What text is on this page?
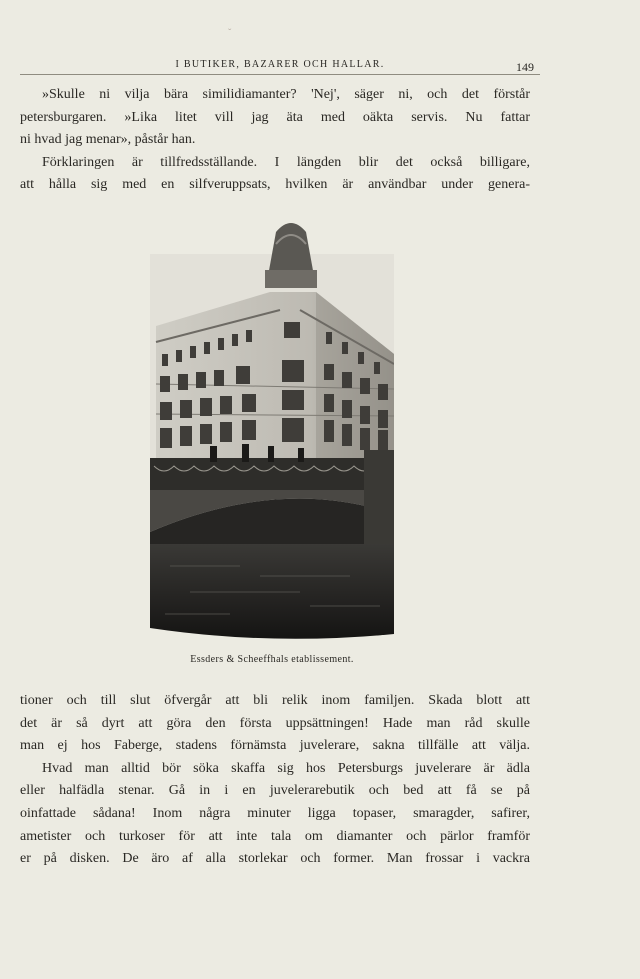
ˇ
I BUTIKER, BAZARER OCH HALLAR.	149
»Skulle ni vilja bära similidiamanter? 'Nej', säger ni, och det förstår
petersburgaren. »Lika litet vill jag äta med oäkta servis. Nu fattar
ni hvad jag menar», påstår han.
Förklaringen är tillfredsställande. I längden blir det också billigare,
att hålla sig med en silfveruppsats, hvilken är användbar under genera-
Essders & Scheeffhals etablissement.
tioner och till slut öfvergår att bli relik inom familjen. Skada blott att
det är så dyrt att göra den första uppsättningen! Hade man råd skulle
man ej hos Faberge, stadens förnämsta juvelerare, sakna tillfälle att välja.
Hvad man alltid bör söka skaffa sig hos Petersburgs juvelerare är ädla
eller halfädla stenar. Gå in i en juvelerarebutik och bed att få se på
oinfattade sådana! Inom några minuter ligga topaser, smaragder, safirer,
ametister och turkoser för att inte tala om diamanter och pärlor framför
er på disken. De äro af alla storlekar och former. Man frossar i vackra
